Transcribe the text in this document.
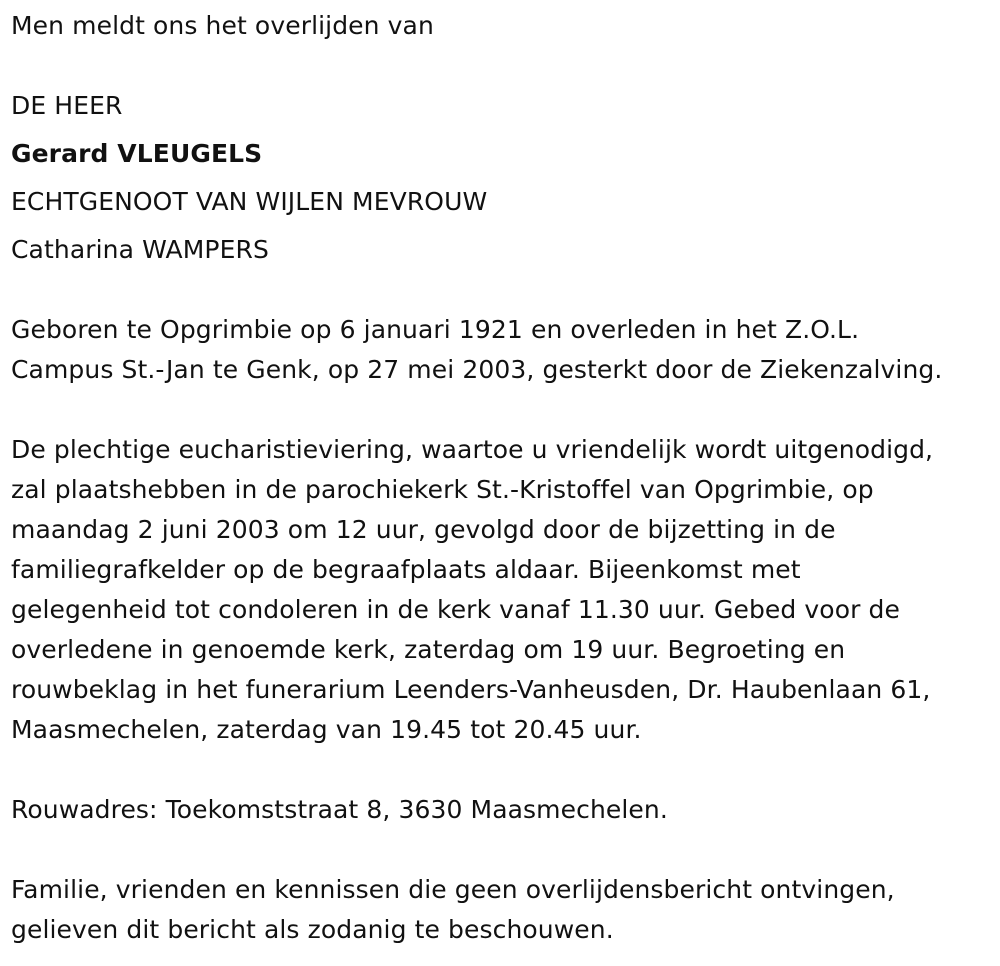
Men meldt ons het overlijden van
DE HEER
Gerard VLEUGELS
ECHTGENOOT VAN WIJLEN MEVROUW
Catharina WAMPERS
Geboren te Opgrimbie op 6 januari 1921 en overleden in het Z.O.L.
Campus St.-Jan te Genk, op 27 mei 2003, gesterkt door de Ziekenzalving.
De plechtige eucharistieviering, waartoe u vriendelijk wordt uitgenodigd,
zal plaatshebben in de parochiekerk St.-Kristoffel van Opgrimbie, op
maandag 2 juni 2003 om 12 uur, gevolgd door de bijzetting in de
familiegrafkelder op de begraafplaats aldaar. Bijeenkomst met
gelegenheid tot condoleren in de kerk vanaf 11.30 uur. Gebed voor de
overledene in genoemde kerk, zaterdag om 19 uur. Begroeting en
rouwbeklag in het funerarium Leenders-Vanheusden, Dr. Haubenlaan 61,
Maasmechelen, zaterdag van 19.45 tot 20.45 uur.
Rouwadres: Toekomststraat 8, 3630 Maasmechelen.
Familie, vrienden en kennissen die geen overlijdensbericht ontvingen,
gelieven dit bericht als zodanig te beschouwen.
